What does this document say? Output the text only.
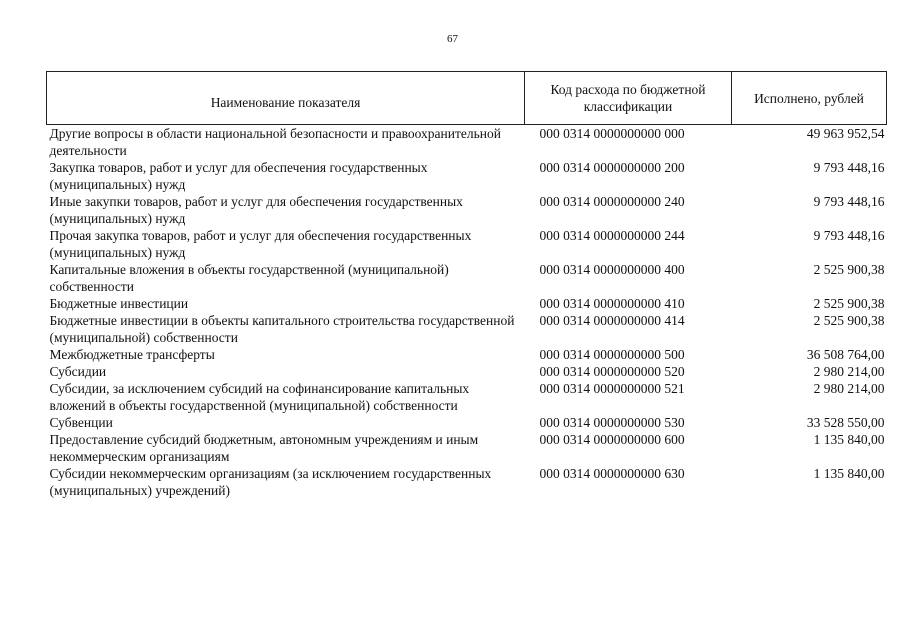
67
Наименование показателя	Код расхода по бюджетной классификации	Исполнено, рублей
Другие вопросы в области национальной безопасности и правоохранительной деятельности	000 0314 0000000000 000	49 963 952,54
Закупка товаров, работ и услуг для обеспечения государственных (муниципальных) нужд	000 0314 0000000000 200	9 793 448,16
Иные закупки товаров, работ и услуг для обеспечения государственных (муниципальных) нужд	000 0314 0000000000 240	9 793 448,16
Прочая закупка товаров, работ и услуг для обеспечения государственных (муниципальных) нужд	000 0314 0000000000 244	9 793 448,16
Капитальные вложения в объекты государственной (муниципальной) собственности	000 0314 0000000000 400	2 525 900,38
Бюджетные инвестиции	000 0314 0000000000 410	2 525 900,38
Бюджетные инвестиции в объекты капитального строительства государственной (муниципальной) собственности	000 0314 0000000000 414	2 525 900,38
Межбюджетные трансферты	000 0314 0000000000 500	36 508 764,00
Субсидии	000 0314 0000000000 520	2 980 214,00
Субсидии, за исключением субсидий на софинансирование капитальных вложений в объекты государственной (муниципальной) собственности	000 0314 0000000000 521	2 980 214,00
Субвенции	000 0314 0000000000 530	33 528 550,00
Предоставление субсидий бюджетным, автономным учреждениям и иным некоммерческим организациям	000 0314 0000000000 600	1 135 840,00
Субсидии некоммерческим организациям (за исключением государственных (муниципальных) учреждений)	000 0314 0000000000 630	1 135 840,00
